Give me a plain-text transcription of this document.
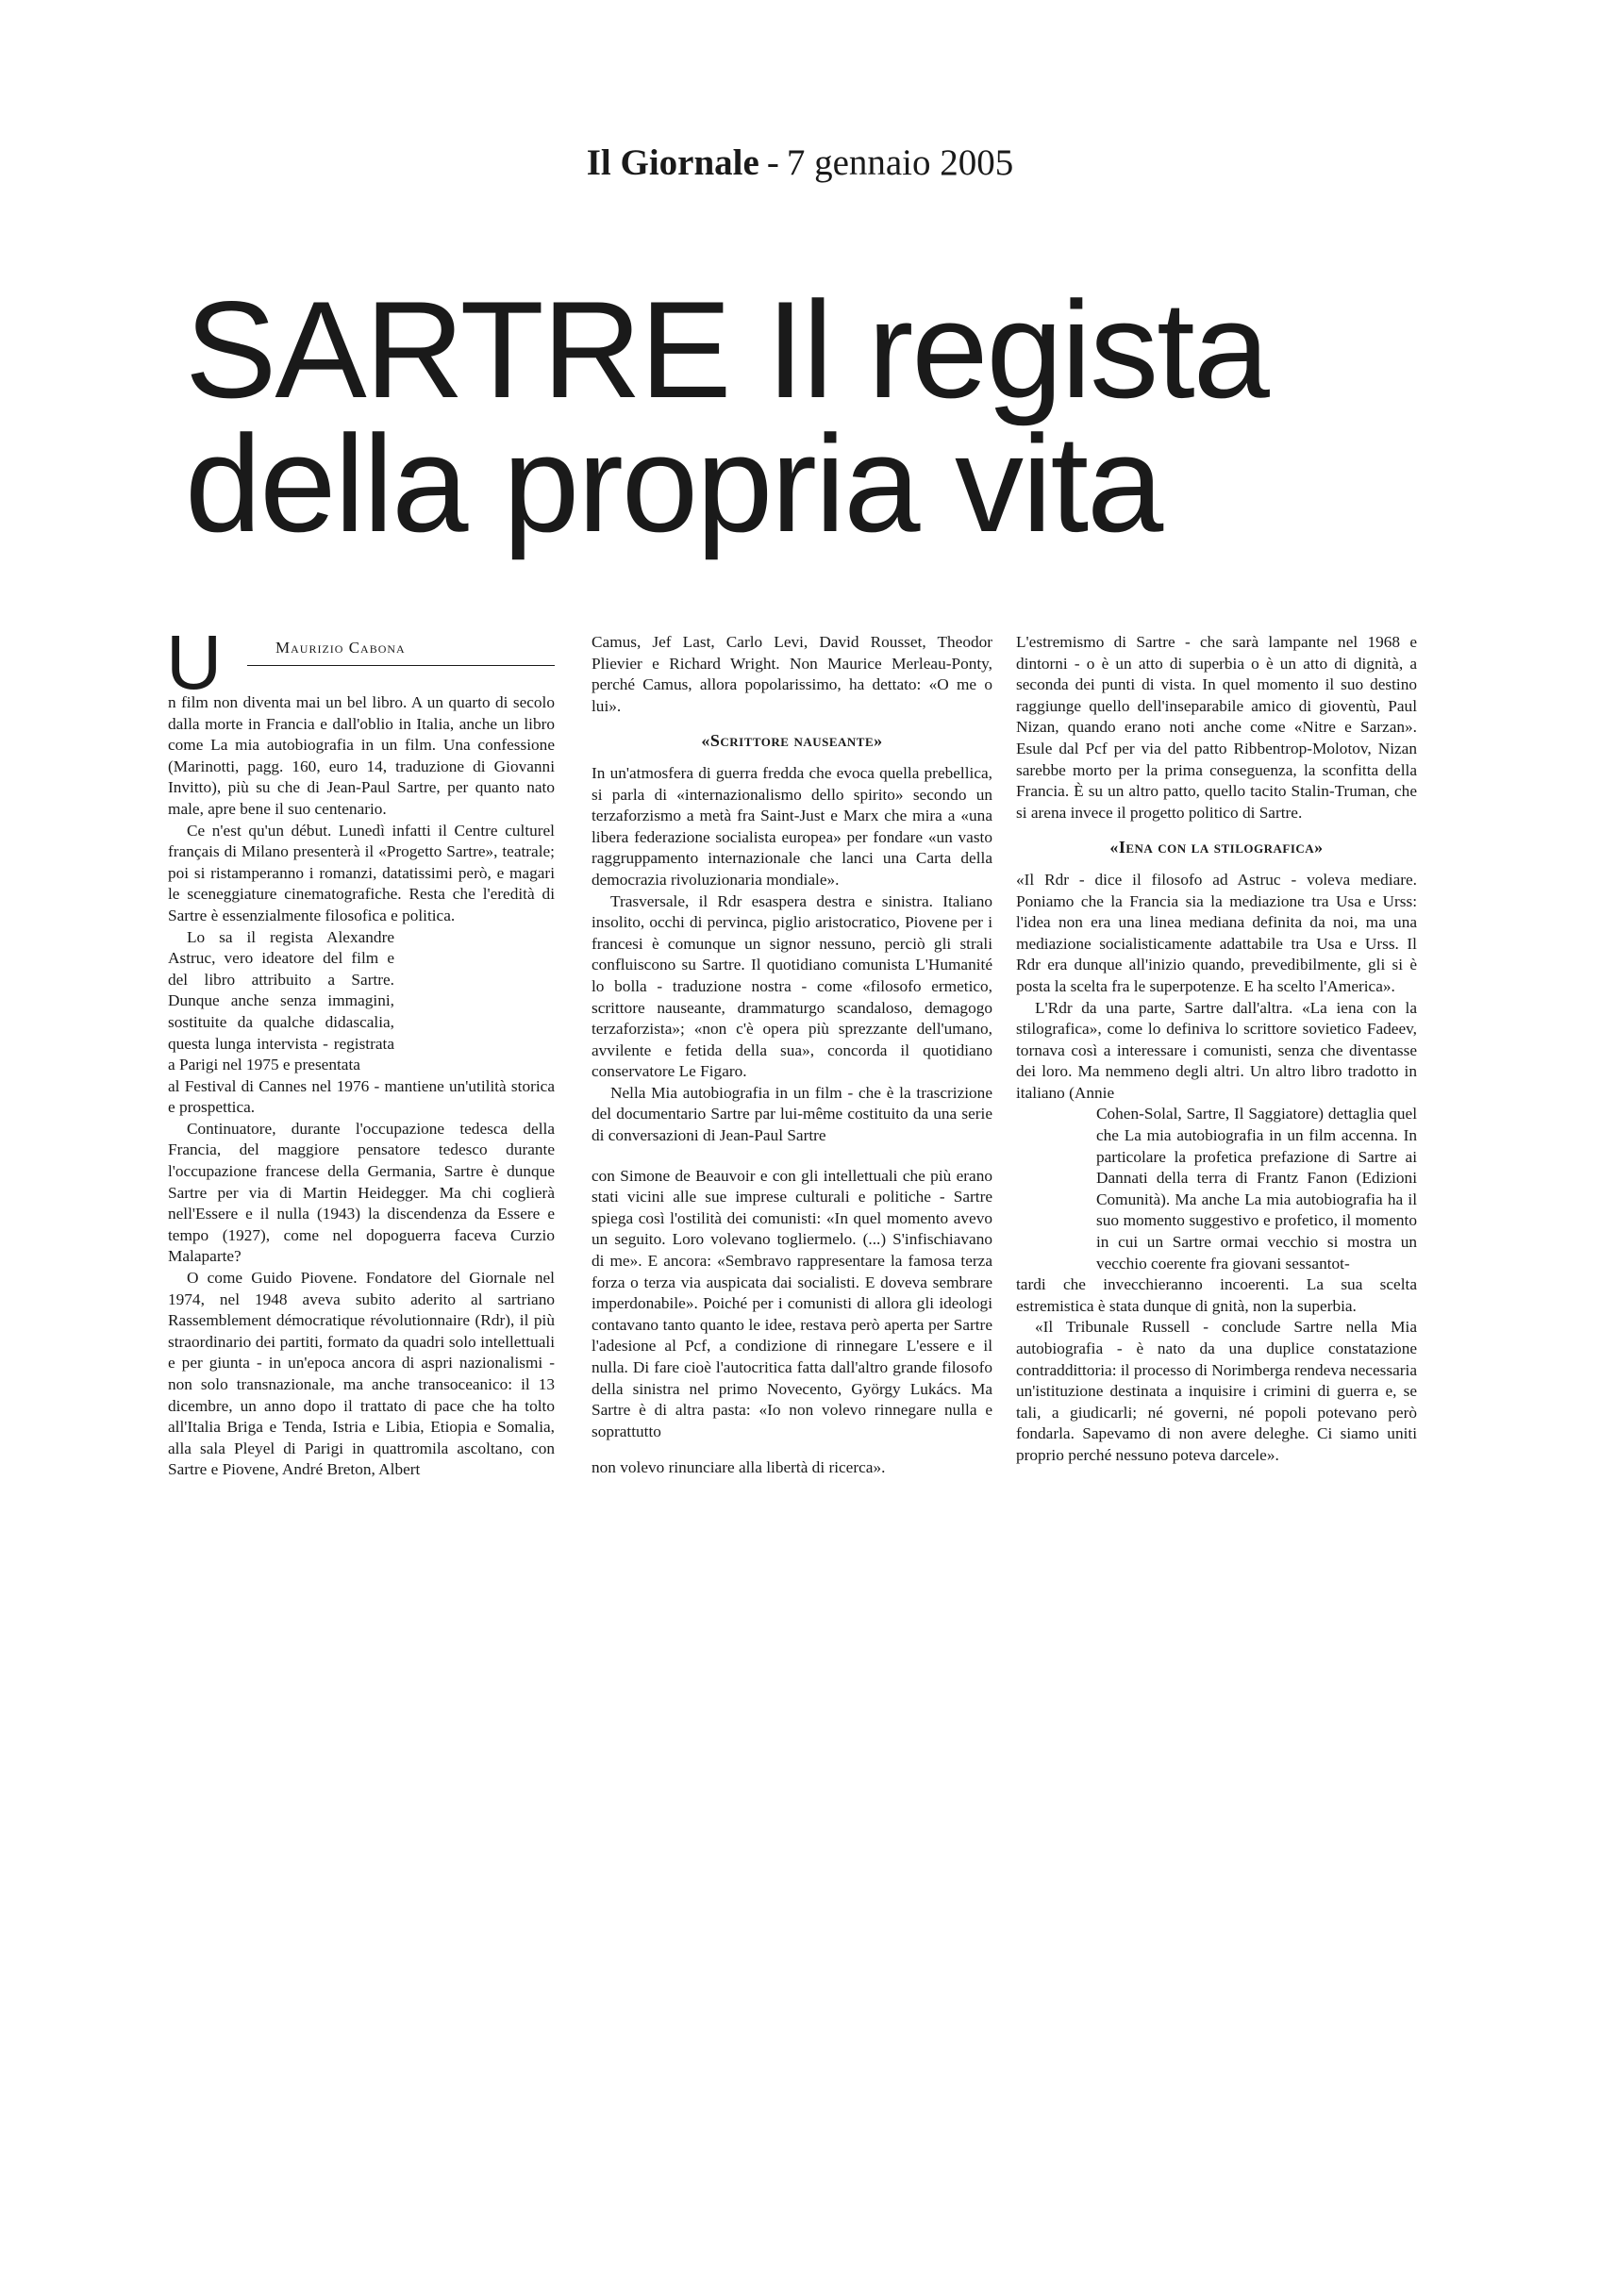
Il Giornale - 7 gennaio 2005
SARTRE Il regista
della propria vita
U	Maurizio Cabona

n film non diventa mai un bel libro. A un quarto di secolo dalla morte in Francia e dall'oblio in Italia, anche un libro come La mia autobiografia in un film. Una confessione (Marinotti, pagg. 160, euro 14, traduzione di Giovanni Invitto), più su che di Jean-Paul Sartre, per quanto nato male, apre bene il suo centenario.

Ce n'est qu'un début. Lunedì infatti il Centre culturel français di Milano presenterà il «Progetto Sartre», teatrale; poi si ristamperanno i romanzi, datatissimi però, e magari le sceneggiature cinematografiche. Resta che l'eredità di Sartre è essenzialmente filosofica e politica.

Lo sa il regista Alexandre Astruc, vero ideatore del film e del libro attribuito a Sartre. Dunque anche senza immagini, sostituite da qualche didascalia, questa lunga intervista - registrata a Parigi nel 1975 e presentata

al Festival di Cannes nel 1976 - mantiene un'utilità storica e prospettica.

Continuatore, durante l'occupazione tedesca della Francia, del maggiore pensatore tedesco durante l'occupazione francese della Germania, Sartre è dunque Sartre per via di Martin Heidegger. Ma chi coglierà nell'Essere e il nulla (1943) la discendenza da Essere e tempo (1927), come nel dopoguerra faceva Curzio Malaparte?

O come Guido Piovene. Fondatore del Giornale nel 1974, nel 1948 aveva subito aderito al sartriano Rassemblement démocratique révolutionnaire (Rdr), il più straordinario dei partiti, formato da quadri solo intellettuali e per giunta - in un'epoca ancora di aspri nazionalismi - non solo transnazionale, ma anche transoceanico: il 13 dicembre, un anno dopo il trattato di pace che ha tolto all'Italia Briga e Tenda, Istria e Libia, Etiopia e Somalia, alla sala Pleyel di Parigi in quattromila ascoltano, con Sartre e Piovene, André Breton, Albert

Camus, Jef Last, Carlo Levi, David Rousset, Theodor Plievier e Richard Wright. Non Maurice Merleau-Ponty, perché Camus, allora popolarissimo, ha dettato: «O me o lui».

«Scrittore nauseante»

In un'atmosfera di guerra fredda che evoca quella prebellica, si parla di «internazionalismo dello spirito» secondo un terzaforzismo a metà fra Saint-Just e Marx che mira a «una libera federazione socialista europea» per fondare «un vasto raggruppamento internazionale che lanci una Carta della democrazia rivoluzionaria mondiale».

Trasversale, il Rdr esaspera destra e sinistra. Italiano insolito, occhi di pervinca, piglio aristocratico, Piovene per i francesi è comunque un signor nessuno, perciò gli strali confluiscono su Sartre. Il quotidiano comunista L'Humanité lo bolla - traduzione nostra - come «filosofo ermetico, scrittore nauseante, drammaturgo scandaloso, demagogo terzaforzista»; «non c'è opera più sprezzante dell'umano, avvilente e fetida della sua», concorda il quotidiano conservatore Le Figaro.

Nella Mia autobiografia in un film - che è la trascrizione del documentario Sartre par lui-même costituito da una serie di conversazioni di Jean-Paul Sartre

con Simone de Beauvoir e con gli intellettuali che più erano stati vicini alle sue imprese culturali e politiche - Sartre spiega così l'ostilità dei comunisti: «In quel momento avevo un seguito. Loro volevano togliermelo. (...) S'infischiavano di me». E ancora: «Sembravo rappresentare la famosa terza forza o terza via auspicata dai socialisti. E doveva sembrare imperdonabile». Poiché per i comunisti di allora gli ideologi contavano tanto quanto le idee, restava però aperta per Sartre l'adesione al Pcf, a condizione di rinnegare L'essere e il nulla. Di fare cioè l'autocritica fatta dall'altro grande filosofo della sinistra nel primo Novecento, György Lukács. Ma Sartre è di altra pasta: «Io non volevo rinnegare nulla e soprattutto

non volevo rinunciare alla libertà di ricerca».

L'estremismo di Sartre - che sarà lampante nel 1968 e dintorni - o è un atto di superbia o è un atto di dignità, a seconda dei punti di vista. In quel momento il suo destino raggiunge quello dell'inseparabile amico di gioventù, Paul Nizan, quando erano noti anche come «Nitre e Sarzan». Esule dal Pcf per via del patto Ribbentrop-Molotov, Nizan sarebbe morto per la prima conseguenza, la sconfitta della Francia. È su un altro patto, quello tacito Stalin-Truman, che si arena invece il progetto politico di Sartre.

«Iena con la stilografica»

«Il Rdr - dice il filosofo ad Astruc - voleva mediare. Poniamo che la Francia sia la mediazione tra Usa e Urss: l'idea non era una linea mediana definita da noi, ma una mediazione socialisticamente adattabile tra Usa e Urss. Il Rdr era dunque all'inizio quando, prevedibilmente, gli si è posta la scelta fra le superpotenze. E ha scelto l'America».

L'Rdr da una parte, Sartre dall'altra. «La iena con la stilografica», come lo definiva lo scrittore sovietico Fadeev, tornava così a interessare i comunisti, senza che diventasse dei loro. Ma nemmeno degli altri. Un altro libro tradotto in italiano (Annie

Cohen-Solal, Sartre, Il Saggiatore) dettaglia quel che La mia autobiografia in un film accenna. In particolare la profetica prefazione di Sartre ai Dannati della terra di Frantz Fanon (Edizioni Comunità). Ma anche La mia autobiografia ha il suo momento suggestivo e profetico, il momento in cui un Sartre ormai vecchio si mostra un vecchio coerente fra giovani sessantot-

tardi che invecchieranno incoerenti. La sua scelta estremistica è stata dunque di gnità, non la superbia.

«Il Tribunale Russell - conclude Sartre nella Mia autobiografia - è nato da una duplice constatazione contraddittoria: il processo di Norimberga rendeva necessaria un'istituzione destinata a inquisire i crimini di guerra e, se tali, a giudicarli; né governi, né popoli potevano però fondarla. Sapevamo di non avere deleghe. Ci siamo uniti proprio perché nessuno poteva darcele».
